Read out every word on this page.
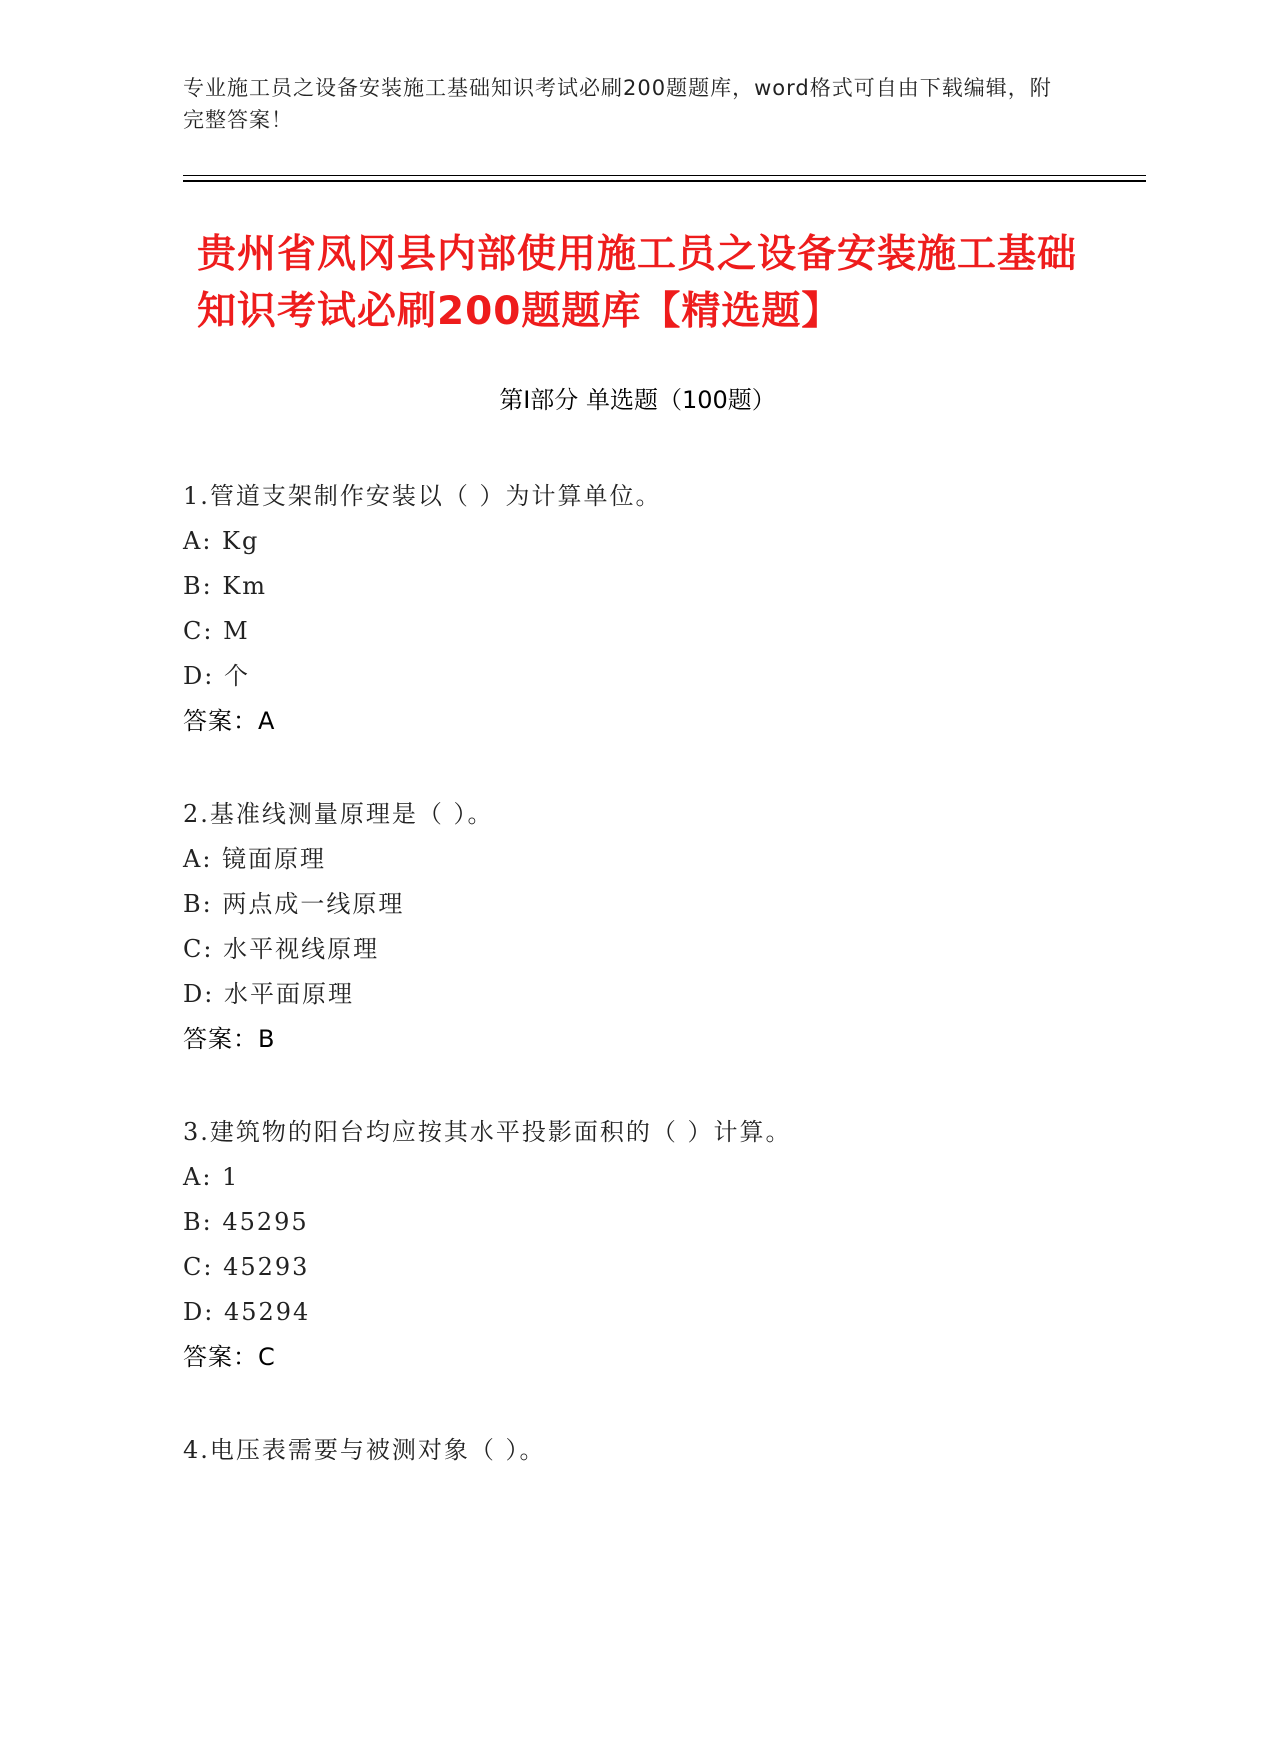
专业施工员之设备安装施工基础知识考试必刷200题题库，word格式可自由下载编辑，附完整答案！
贵州省凤冈县内部使用施工员之设备安装施工基础知识考试必刷200题题库【精选题】
第Ⅰ部分 单选题（100题）
1.管道支架制作安装以（ ）为计算单位。
A: Kg
B: Km
C: M
D: 个
答案：A
2.基准线测量原理是（ ）。
A: 镜面原理
B: 两点成一线原理
C: 水平视线原理
D: 水平面原理
答案：B
3.建筑物的阳台均应按其水平投影面积的（ ）计算。
A: 1
B: 45295
C: 45293
D: 45294
答案：C
4.电压表需要与被测对象（ ）。
